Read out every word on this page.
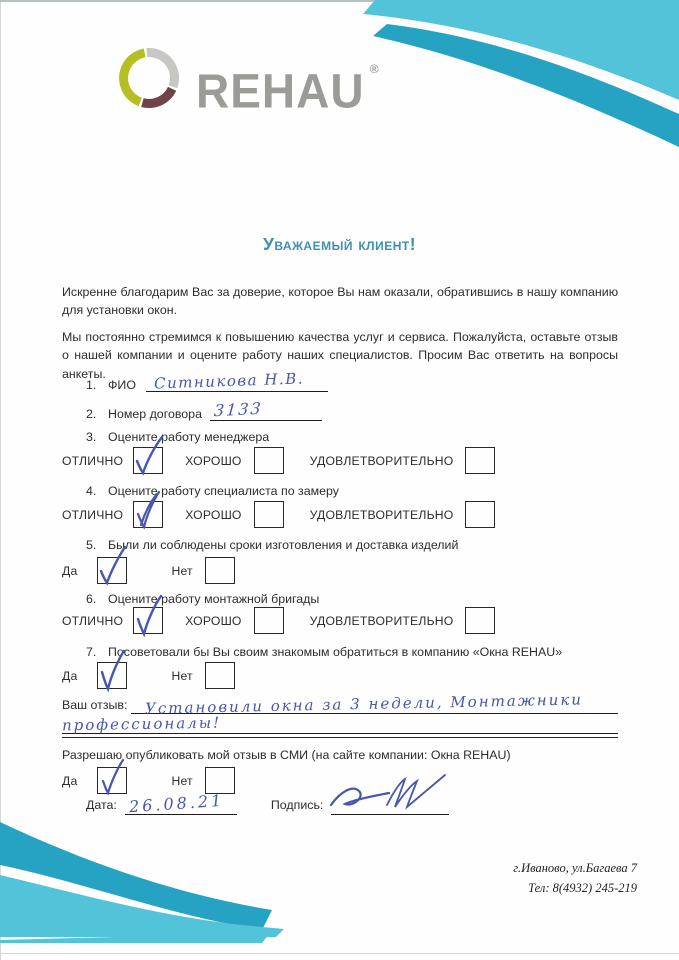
REHAU ®
Уважаемый клиент!

Искренне благодарим Вас за доверие, которое Вы нам оказали, обратившись в нашу компанию для установки окон.

Мы постоянно стремимся к повышению качества услуг и сервиса. Пожалуйста, оставьте отзыв о нашей компании и оцените работу наших специалистов. Просим Вас ответить на вопросы анкеты.

1. ФИО Ситникова Н.В.
2. Номер договора 3133
3. Оцените работу менеджера
ОТЛИЧНО	ХОРОШО	УДОВЛЕТВОРИТЕЛЬНО
4. Оцените работу специалиста по замеру
ОТЛИЧНО	ХОРОШО	УДОВЛЕТВОРИТЕЛЬНО
5. Были ли соблюдены сроки изготовления и доставка изделий
Да	Нет
6. Оцените работу монтажной бригады
ОТЛИЧНО	ХОРОШО	УДОВЛЕТВОРИТЕЛЬНО
7. Посоветовали бы Вы своим знакомым обратиться в компанию «Окна REHAU»
Да	Нет
Ваш отзыв: Установили окна за 3 недели, Монтажники
профессионалы!
Разрешаю опубликовать мой отзыв в СМИ (на сайте компании: Окна REHAU)
Да	Нет
Дата: 26.08.21	Подпись:
г.Иваново, ул.Багаева 7
Тел: 8(4932) 245-219
